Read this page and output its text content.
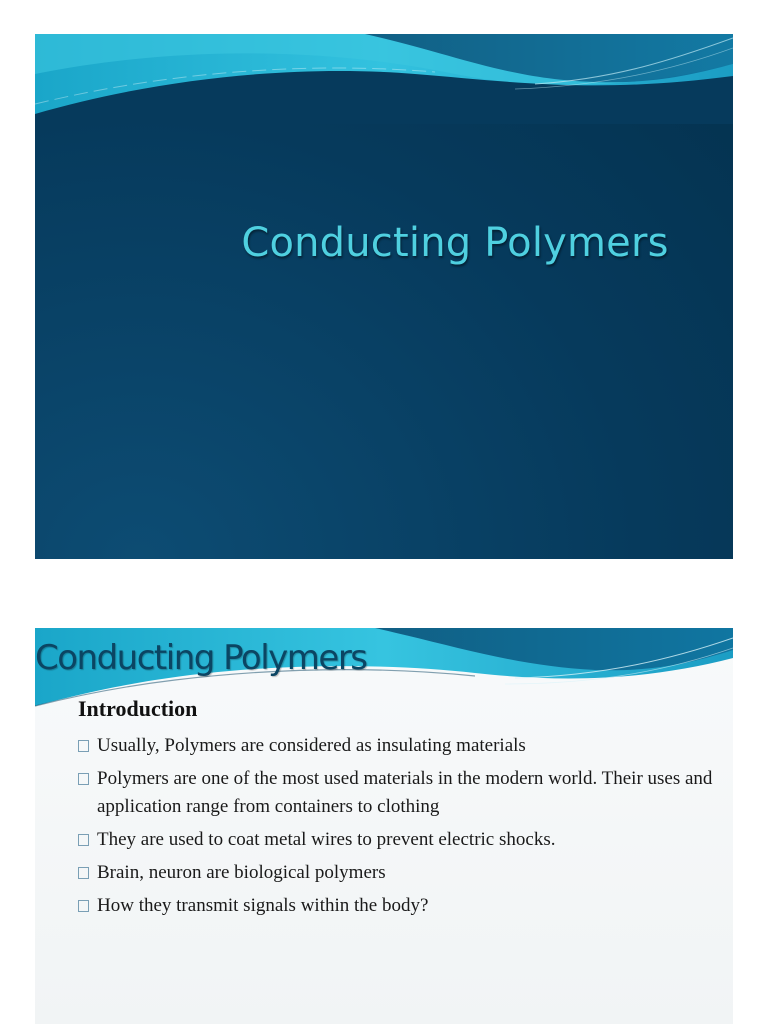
Conducting Polymers
Conducting Polymers
Introduction
Usually, Polymers are considered as insulating materials
Polymers are one of the most used materials in the modern world. Their uses and application range from containers to clothing
They are used to coat metal wires to prevent electric shocks.
Brain, neuron are biological polymers
How they transmit signals within the body?
